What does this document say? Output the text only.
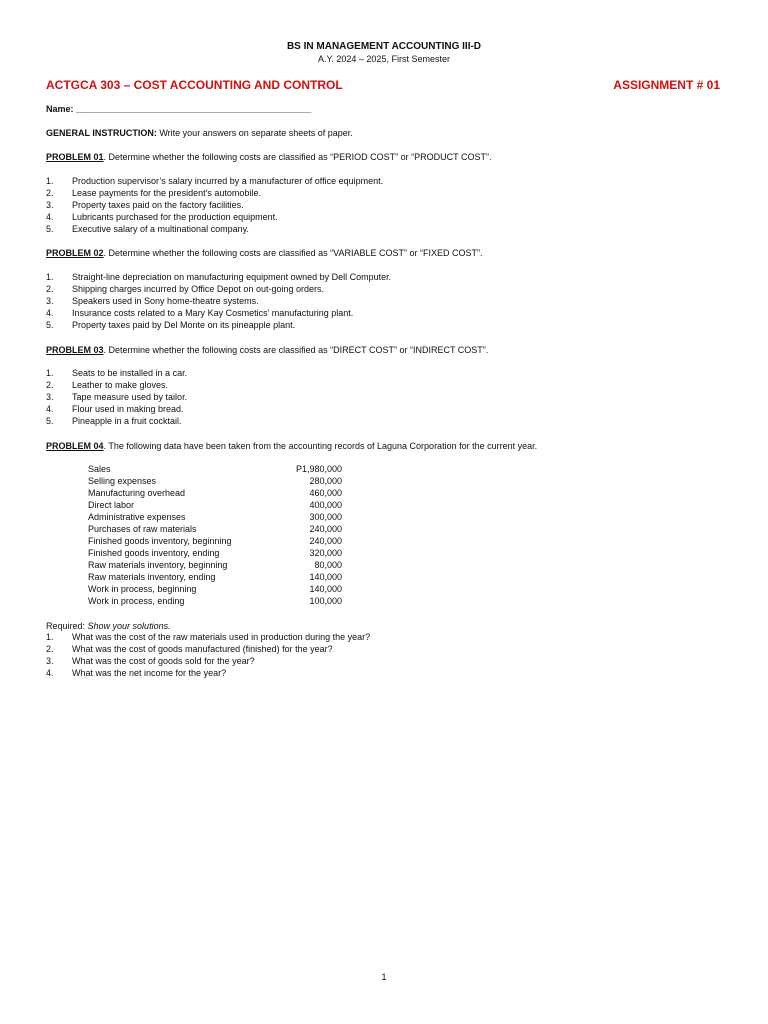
BS IN MANAGEMENT ACCOUNTING III-D
A.Y. 2024 – 2025, First Semester
ACTGCA 303 – COST ACCOUNTING AND CONTROL	ASSIGNMENT # 01
Name: _______________________________________________
GENERAL INSTRUCTION: Write your answers on separate sheets of paper.
PROBLEM 01. Determine whether the following costs are classified as “PERIOD COST” or “PRODUCT COST”.
1. Production supervisor’s salary incurred by a manufacturer of office equipment.
2. Lease payments for the president’s automobile.
3. Property taxes paid on the factory facilities.
4. Lubricants purchased for the production equipment.
5. Executive salary of a multinational company.
PROBLEM 02. Determine whether the following costs are classified as “VARIABLE COST” or “FIXED COST”.
1. Straight-line depreciation on manufacturing equipment owned by Dell Computer.
2. Shipping charges incurred by Office Depot on out-going orders.
3. Speakers used in Sony home-theatre systems.
4. Insurance costs related to a Mary Kay Cosmetics’ manufacturing plant.
5. Property taxes paid by Del Monte on its pineapple plant.
PROBLEM 03. Determine whether the following costs are classified as “DIRECT COST” or “INDIRECT COST”.
1. Seats to be installed in a car.
2. Leather to make gloves.
3. Tape measure used by tailor.
4. Flour used in making bread.
5. Pineapple in a fruit cocktail.
PROBLEM 04. The following data have been taken from the accounting records of Laguna Corporation for the current year.
Sales	P1,980,000
Selling expenses	280,000
Manufacturing overhead	460,000
Direct labor	400,000
Administrative expenses	300,000
Purchases of raw materials	240,000
Finished goods inventory, beginning	240,000
Finished goods inventory, ending	320,000
Raw materials inventory, beginning	80,000
Raw materials inventory, ending	140,000
Work in process, beginning	140,000
Work in process, ending	100,000
Required: Show your solutions.
1. What was the cost of the raw materials used in production during the year?
2. What was the cost of goods manufactured (finished) for the year?
3. What was the cost of goods sold for the year?
4. What was the net income for the year?
1
